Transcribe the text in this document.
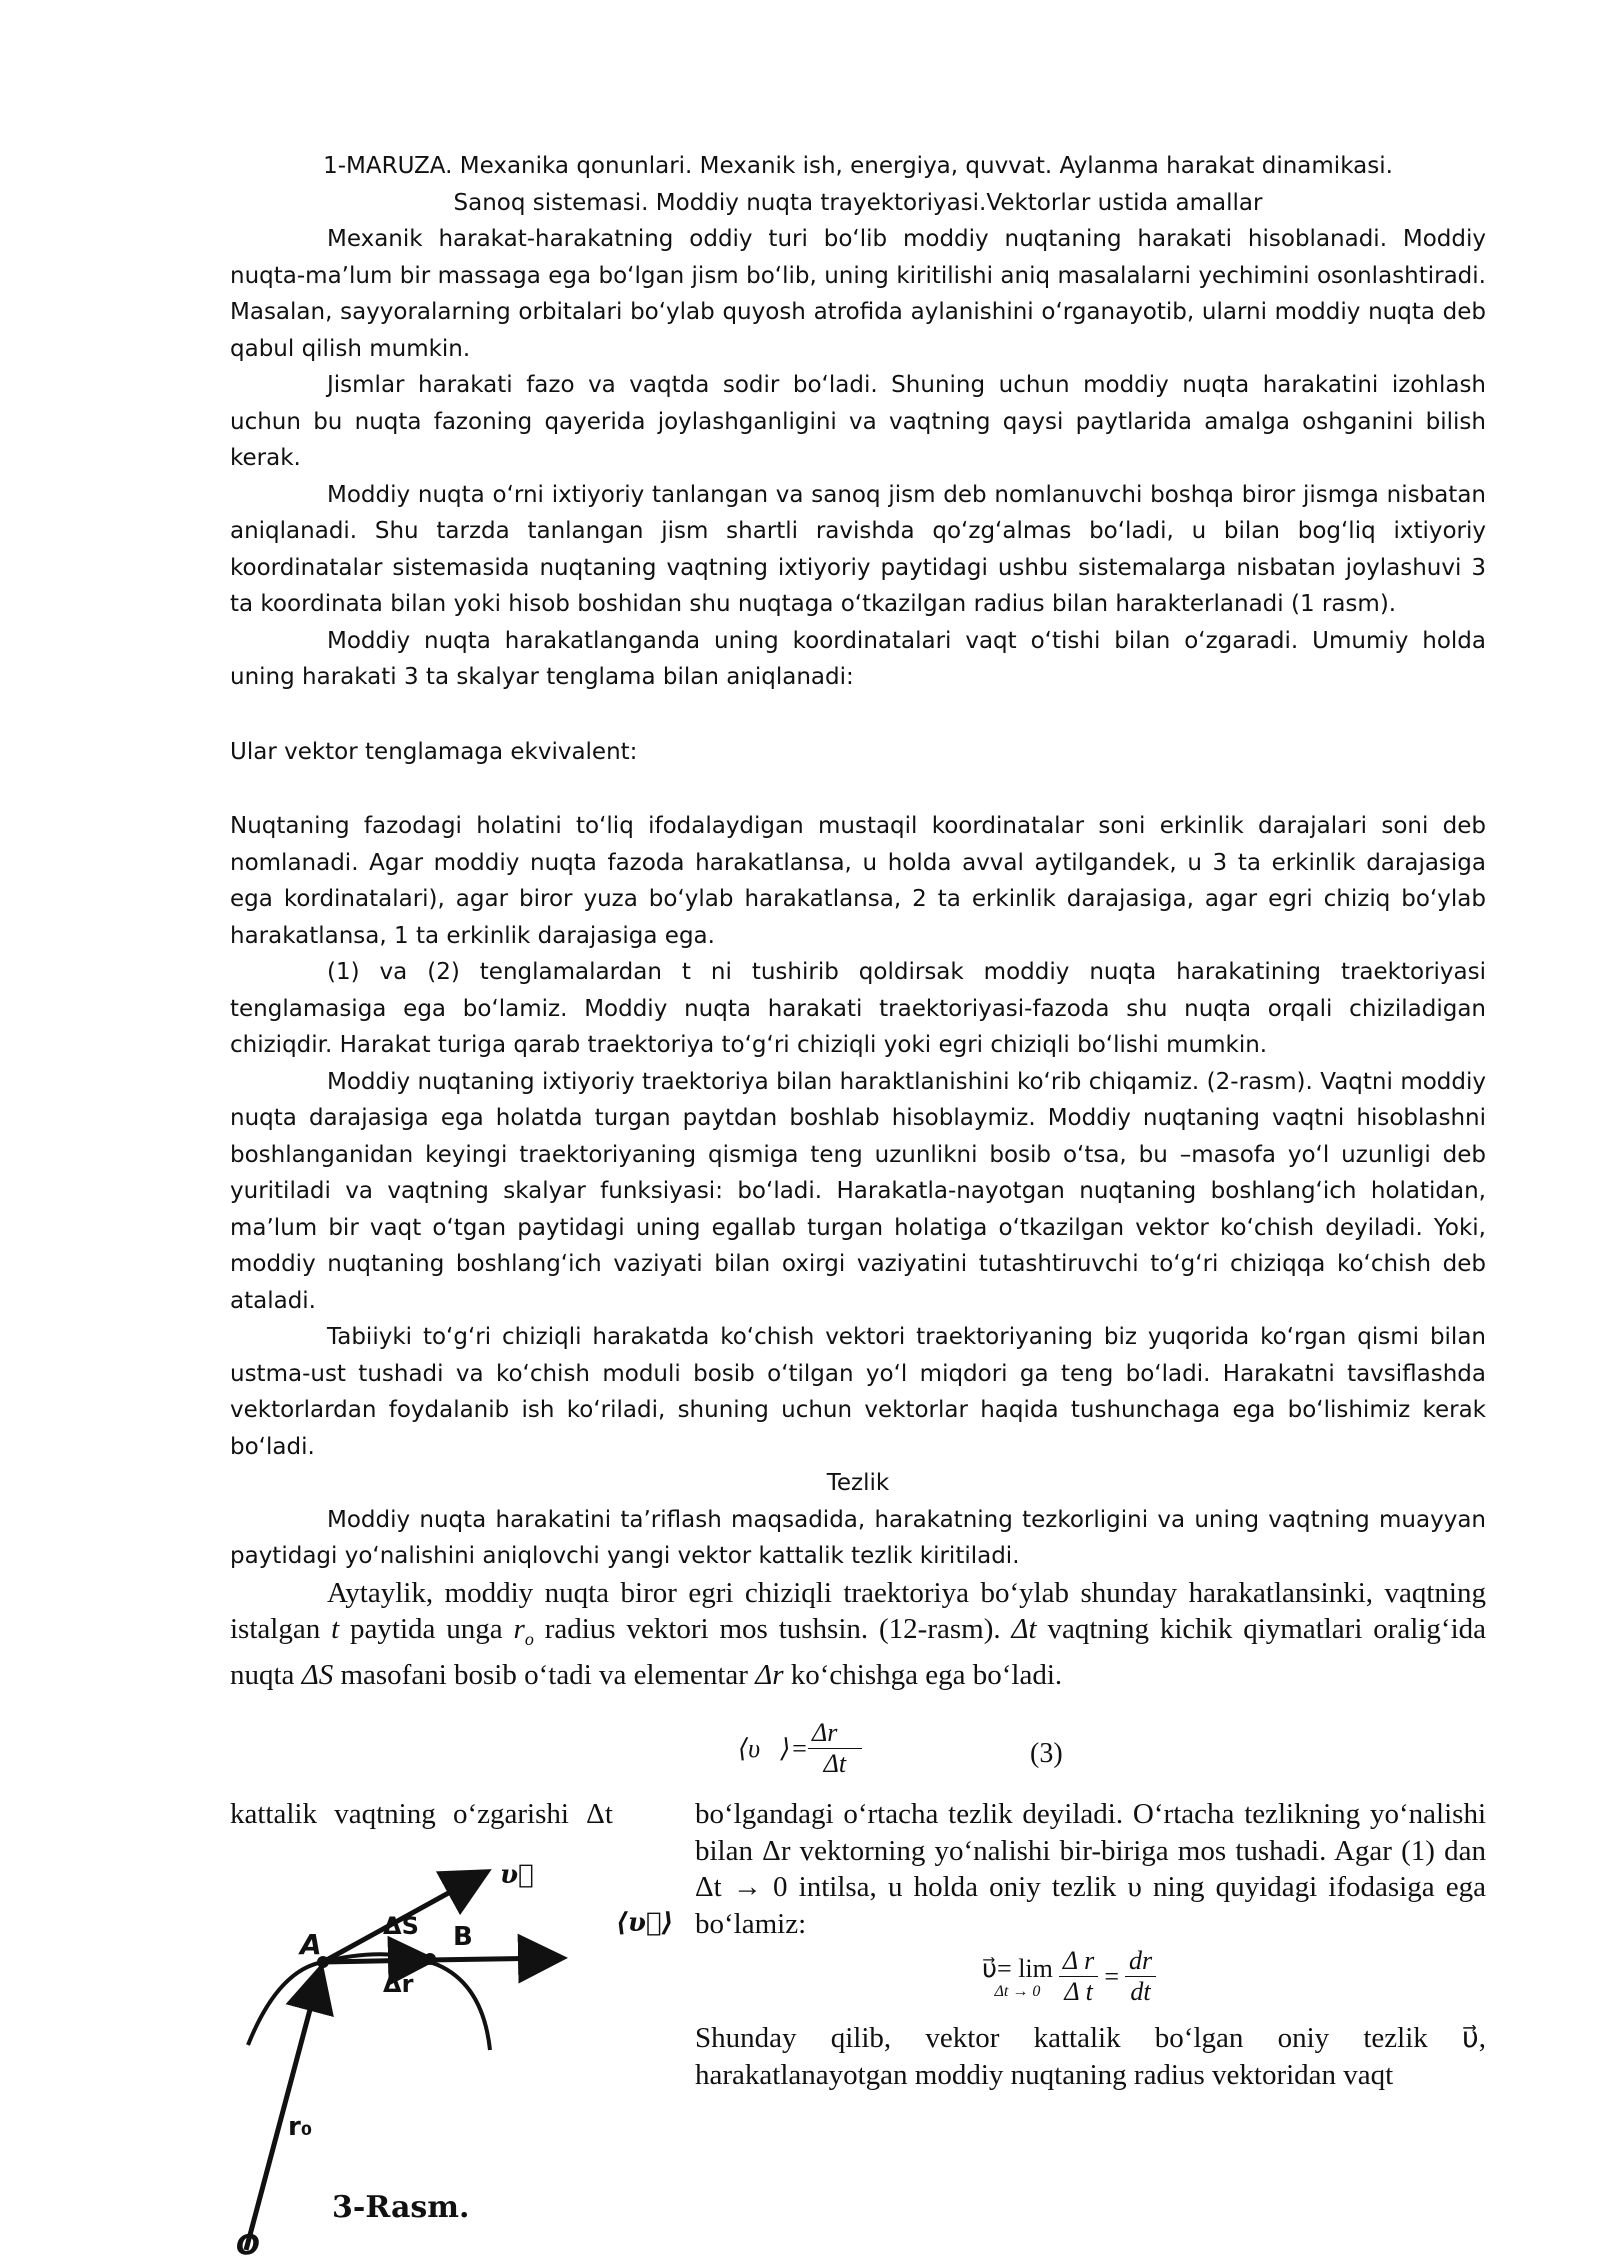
1-MARUZA. Mexanika qonunlari. Mexanik ish, energiya, quvvat. Aylanma harakat dinamikasi.
Sanoq sistemasi. Moddiy nuqta trayektoriyasi.Vektorlar ustida amallar

Mexanik harakat-harakatning oddiy turi boʻlib moddiy nuqtaning harakati hisoblanadi. Moddiy nuqta-maʼlum bir massaga ega boʻlgan jism boʻlib, uning kiritilishi aniq masalalarni yechimini osonlashtiradi. Masalan, sayyoralarning orbitalari boʻylab quyosh atrofida aylanishini oʻrganayotib, ularni moddiy nuqta deb qabul qilish mumkin.

Jismlar harakati fazo va vaqtda sodir boʻladi. Shuning uchun moddiy nuqta harakatini izohlash uchun bu nuqta fazoning qayerida joylashganligini va vaqtning qaysi paytlarida amalga oshganini bilish kerak.

Moddiy nuqta oʻrni ixtiyoriy tanlangan va sanoq jism deb nomlanuvchi boshqa biror jismga nisbatan aniqlanadi. Shu tarzda tanlangan jism shartli ravishda qoʻzgʻalmas boʻladi, u bilan bogʻliq ixtiyoriy koordinatalar sistemasida nuqtaning vaqtning ixtiyoriy paytidagi ushbu sistemalarga nisbatan joylashuvi 3 ta koordinata bilan yoki hisob boshidan shu nuqtaga oʻtkazilgan radius bilan harakterlanadi (1 rasm).

Moddiy nuqta harakatlanganda uning koordinatalari vaqt oʻtishi bilan oʻzgaradi. Umumiy holda uning harakati 3 ta skalyar tenglama bilan aniqlanadi:

Ular vektor tenglamaga ekvivalent:

Nuqtaning fazodagi holatini toʻliq ifodalaydigan mustaqil koordinatalar soni erkinlik darajalari soni deb nomlanadi. Agar moddiy nuqta fazoda harakatlansa, u holda avval aytilgandek, u 3 ta erkinlik darajasiga ega kordinatalari), agar biror yuza boʻylab harakatlansa, 2 ta erkinlik darajasiga, agar egri chiziq boʻylab harakatlansa, 1 ta erkinlik darajasiga ega.

(1) va (2) tenglamalardan t ni tushirib qoldirsak moddiy nuqta harakatining traektoriyasi tenglamasiga ega boʻlamiz. Moddiy nuqta harakati traektoriyasi-fazoda shu nuqta orqali chiziladigan chiziqdir. Harakat turiga qarab traektoriya toʻgʻri chiziqli yoki egri chiziqli boʻlishi mumkin.

Moddiy nuqtaning ixtiyoriy traektoriya bilan haraktlanishini koʻrib chiqamiz. (2-rasm). Vaqtni moddiy nuqta darajasiga ega holatda turgan paytdan boshlab hisoblaymiz. Moddiy nuqtaning vaqtni hisoblashni boshlanganidan keyingi traektoriyaning qismiga teng uzunlikni bosib oʻtsa, bu –masofa yoʻl uzunligi deb yuritiladi va vaqtning skalyar funksiyasi: boʻladi. Harakatla-nayotgan nuqtaning boshlangʻich holatidan, maʼlum bir vaqt oʻtgan paytidagi uning egallab turgan holatiga oʻtkazilgan vektor koʻchish deyiladi. Yoki, moddiy nuqtaning boshlangʻich vaziyati bilan oxirgi vaziyatini tutashtiruvchi toʻgʻri chiziqqa koʻchish deb ataladi.

Tabiiyki toʻgʻri chiziqli harakatda koʻchish vektori traektoriyaning biz yuqorida koʻrgan qismi bilan ustma-ust tushadi va koʻchish moduli bosib oʻtilgan yoʻl miqdori ga teng boʻladi. Harakatni tavsiflashda vektorlardan foydalanib ish koʻriladi, shuning uchun vektorlar haqida tushunchaga ega boʻlishimiz kerak boʻladi.

Tezlik

Moddiy nuqta harakatini taʼriflash maqsadida, harakatning tezkorligini va uning vaqtning muayyan paytidagi yoʻnalishini aniqlovchi yangi vektor kattalik tezlik kiritiladi.

Aytaylik, moddiy nuqta biror egri chiziqli traektoriya boʻylab shunday harakatlansinki, vaqtning istalgan t paytida unga $r_o$ radius vektori mos tushsin. (12-rasm). Δt vaqtning kichik qiymatlari oraligʻida nuqta ΔS masofani bosib oʻtadi va elementar Δr koʻchishga ega boʻladi.

⟨υ⃗⟩= $\frac{\Delta r⃗}{\Delta t}$	(3)
kattalik vaqtning oʻzgarishi Δt	boʻlgandagi oʻrtacha tezlik deyiladi. Oʻrtacha tezlikning yoʻnalishi bilan Δr vektorning yoʻnalishi bir-biriga mos tushadi. Agar (1) dan Δt → 0 intilsa, u holda oniy tezlik υ ning quyidagi ifodasiga ega boʻlamiz:

υ⃗= lim
$\Delta t \to 0 \frac{\text{Δ r}}{\text{Δ t}} = \frac{dr}{dt}$

Shunday qilib, vektor kattalik boʻlgan oniy tezlik υ⃗, harakatlanayotgan moddiy nuqtaning radius vektoridan vaqt

υ⃗
⟨υ⃗⟩
A	B
ΔS
Δr
r₀
O
3-Rasm.
